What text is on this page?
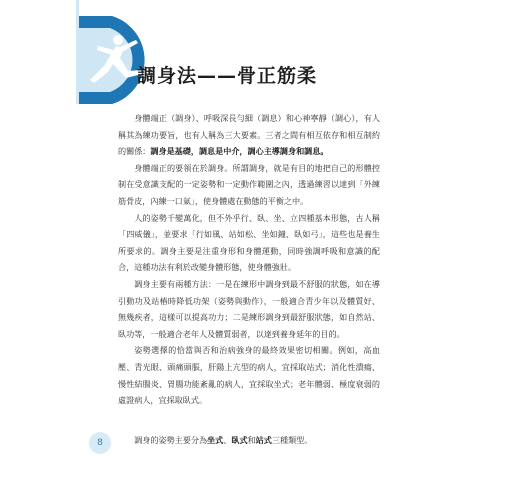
調身法——骨正筋柔

身體端正（調身）、呼吸深長勻細（調息）和心神寧靜（調心），有人稱其為練功要旨，也有人稱為三大要素。三者之間有相互依存和相互制約的關係：調身是基礎，調息是中介，調心主導調身和調息。

身體端正的要領在於調身。所謂調身，就是有目的地把自己的形體控制在受意識支配的一定姿勢和一定動作範圍之內，透過練習以達到「外練筋骨皮，內練一口氣」，使身體處在動態的平衡之中。

人的姿勢千變萬化，但不外乎行、臥、坐、立四種基本形態，古人稱「四威儀」，並要求「行如風、站如松、坐如鐘、臥如弓」，這些也是養生所要求的。調身主要是注重身形和身體運動，同時強調呼吸和意識的配合，這種功法有利於改變身體形態，使身體強壯。

調身主要有兩種方法：一是在練形中調身到最不舒服的狀態，如在導引動功及站樁時降低功架（姿勢與動作），一般適合青少年以及體質好、無幾疾者，這樣可以提高功力；二是練形調身到最舒服狀態，如自然站、臥功等，一般適合老年人及體質弱者，以達到養身延年的目的。

姿勢選擇的恰當與否和治病強身的最終效果密切相關。例如，高血壓、青光眼、頭痛頭脹，肝陽上亢型的病人，宜採取站式；消化性潰瘍、慢性結腸炎、胃腸功能紊亂的病人，宜採取坐式；老年體弱、極度衰弱的虛證病人，宜採取臥式。

調身的姿勢主要分為坐式、臥式和站式三種類型。
8
